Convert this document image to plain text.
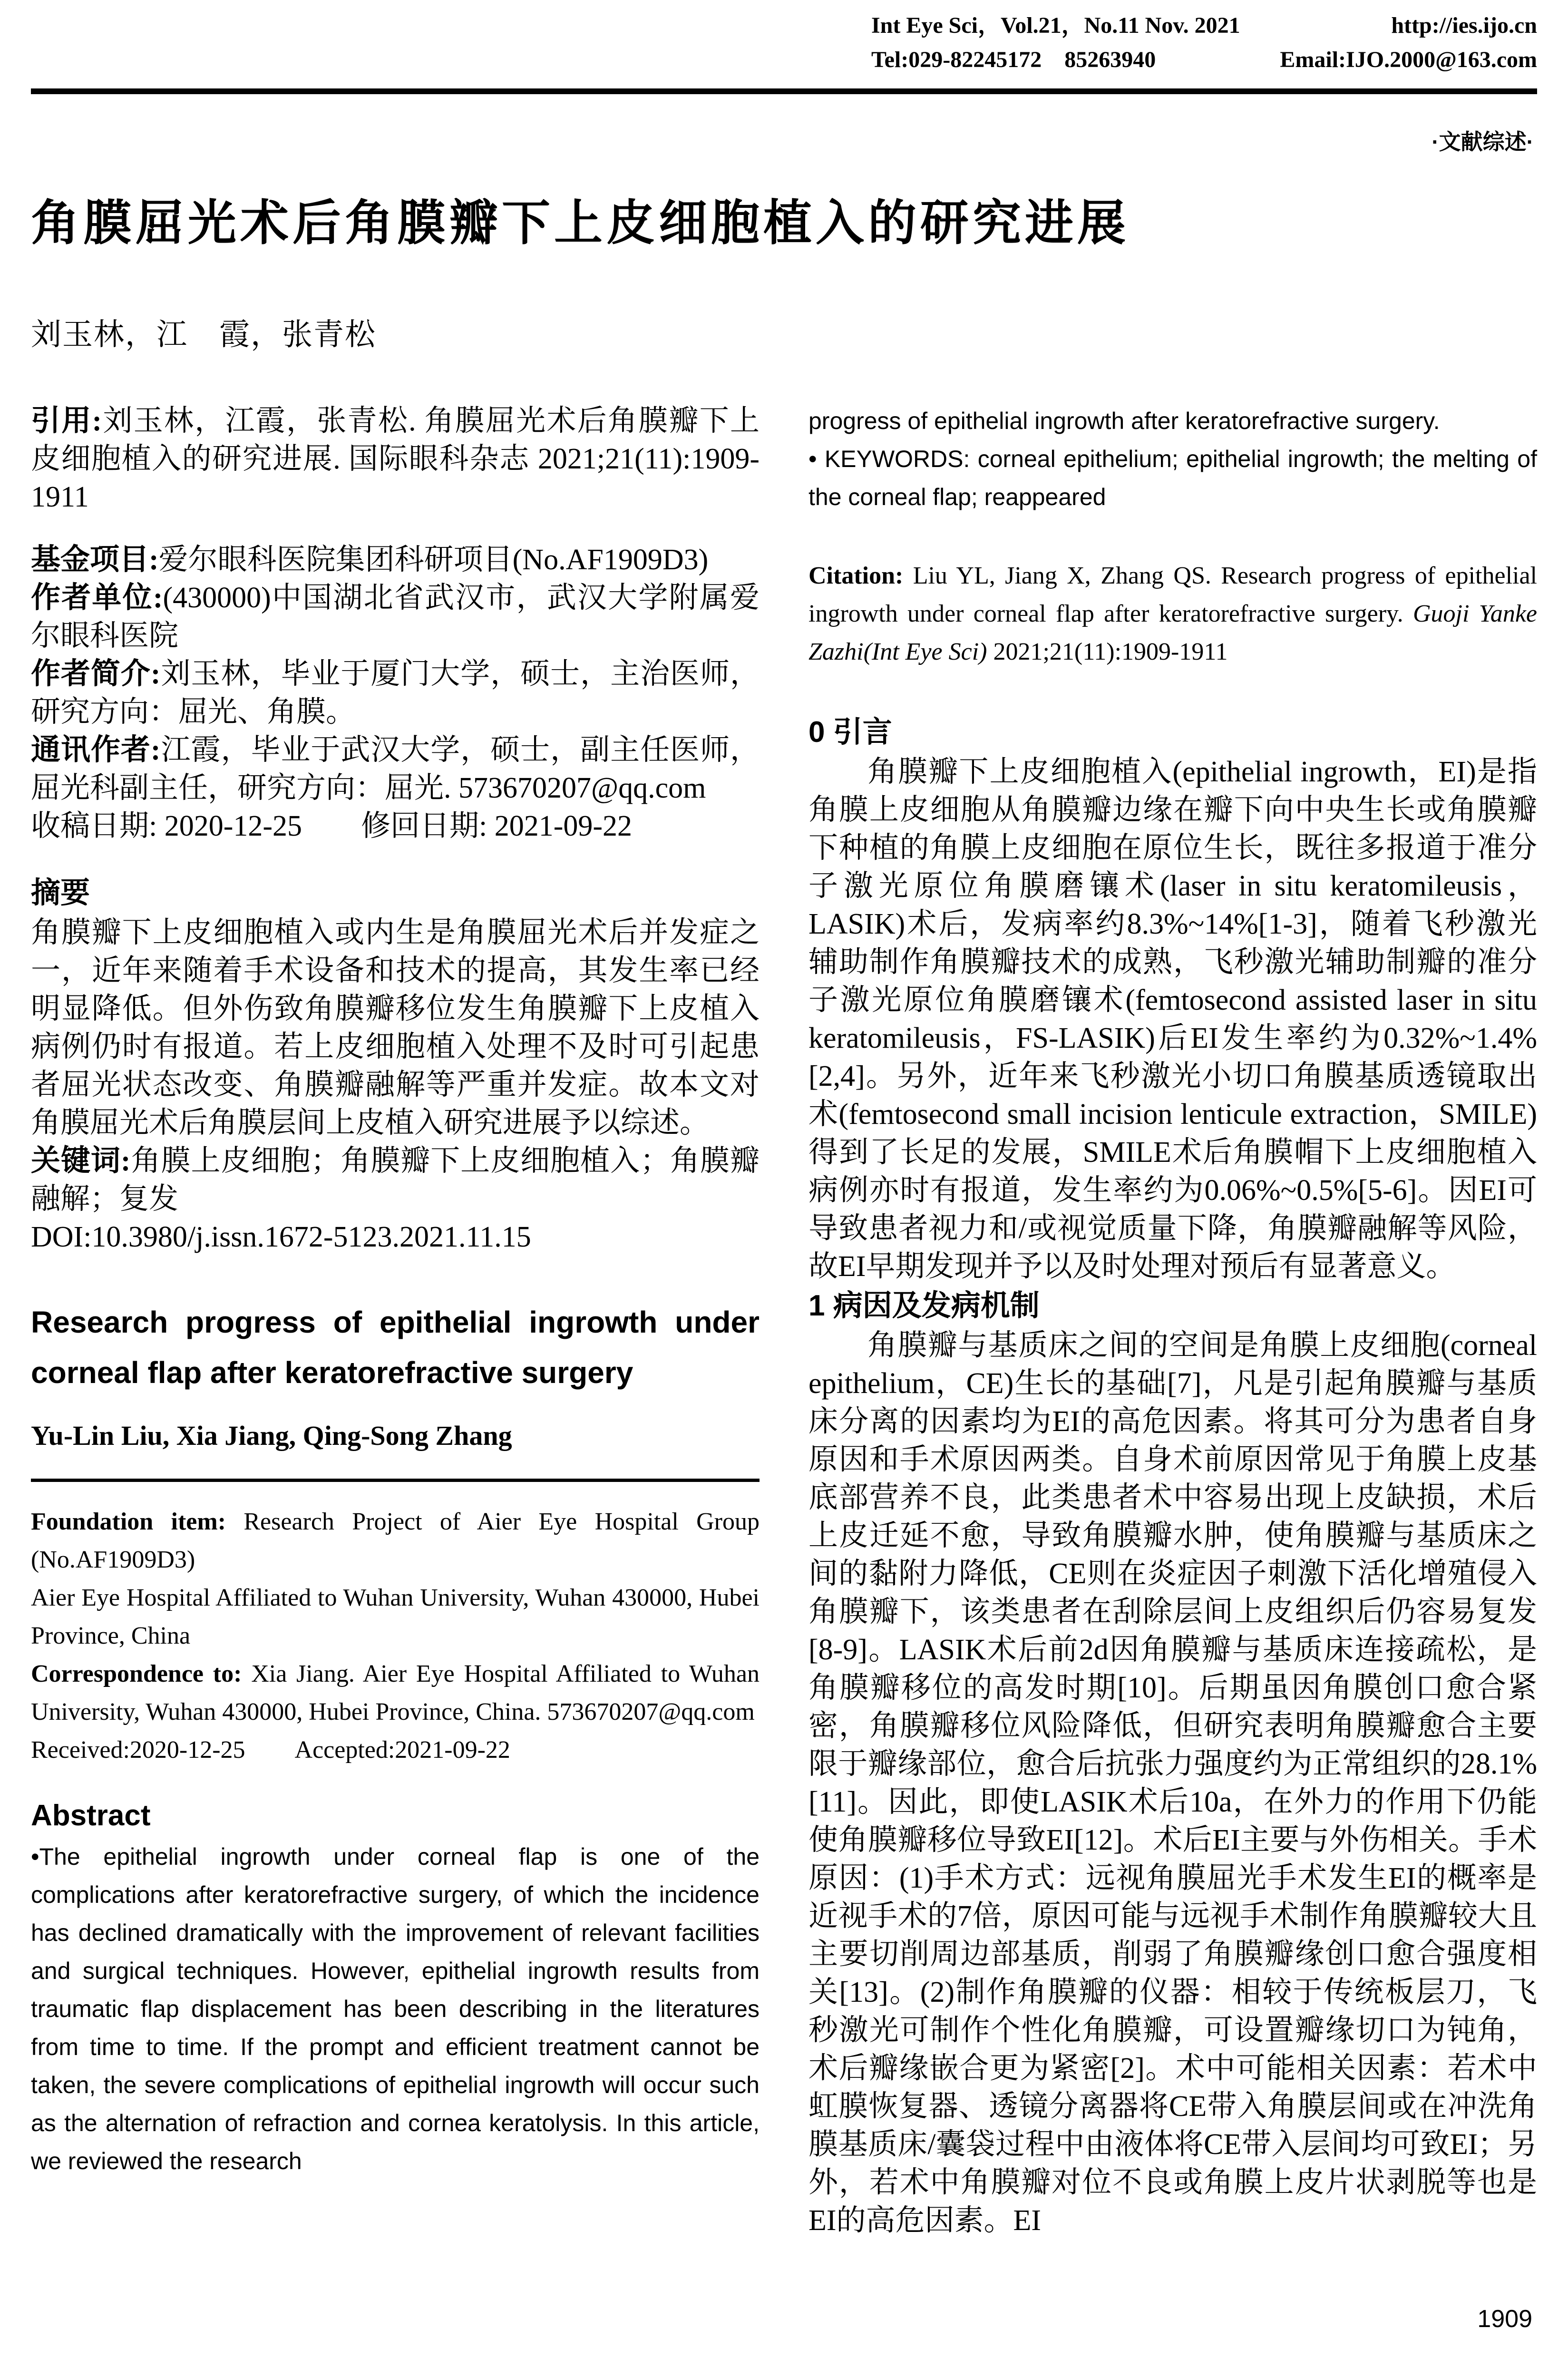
Int Eye Sci，Vol.21，No.11 Nov. 2021	http://ies.ijo.cn
Tel:029-82245172　85263940	Email:IJO.2000@163.com
·文献综述·
角膜屈光术后角膜瓣下上皮细胞植入的研究进展
刘玉林，江　霞，张青松

引用:刘玉林，江霞，张青松. 角膜屈光术后角膜瓣下上皮细胞植入的研究进展. 国际眼科杂志 2021;21(11):1909-1911

基金项目:爱尔眼科医院集团科研项目(No.AF1909D3)

作者单位:(430000)中国湖北省武汉市，武汉大学附属爱尔眼科医院

作者简介:刘玉林，毕业于厦门大学，硕士，主治医师，研究方向：屈光、角膜。

通讯作者:江霞，毕业于武汉大学，硕士，副主任医师，屈光科副主任，研究方向：屈光. 573670207@qq.com

收稿日期: 2020-12-25　　修回日期: 2021-09-22

摘要

角膜瓣下上皮细胞植入或内生是角膜屈光术后并发症之一，近年来随着手术设备和技术的提高，其发生率已经明显降低。但外伤致角膜瓣移位发生角膜瓣下上皮植入病例仍时有报道。若上皮细胞植入处理不及时可引起患者屈光状态改变、角膜瓣融解等严重并发症。故本文对角膜屈光术后角膜层间上皮植入研究进展予以综述。

关键词:角膜上皮细胞；角膜瓣下上皮细胞植入；角膜瓣融解；复发

DOI:10.3980/j.issn.1672-5123.2021.11.15

Research progress of epithelial ingrowth under corneal flap after keratorefractive surgery
Yu-Lin Liu, Xia Jiang, Qing-Song Zhang

Foundation item: Research Project of Aier Eye Hospital Group (No.AF1909D3)

Aier Eye Hospital Affiliated to Wuhan University, Wuhan 430000, Hubei Province, China

Correspondence to: Xia Jiang. Aier Eye Hospital Affiliated to Wuhan University, Wuhan 430000, Hubei Province, China. 573670207@qq.com

Received:2020-12-25　　Accepted:2021-09-22

Abstract

•The epithelial ingrowth under corneal flap is one of the complications after keratorefractive surgery, of which the incidence has declined dramatically with the improvement of relevant facilities and surgical techniques. However, epithelial ingrowth results from traumatic flap displacement has been describing in the literatures from time to time. If the prompt and efficient treatment cannot be taken, the severe complications of epithelial ingrowth will occur such as the alternation of refraction and cornea keratolysis. In this article, we reviewed the research

progress of epithelial ingrowth after keratorefractive surgery.

• KEYWORDS: corneal epithelium; epithelial ingrowth; the melting of the corneal flap; reappeared

Citation: Liu YL, Jiang X, Zhang QS. Research progress of epithelial ingrowth under corneal flap after keratorefractive surgery. Guoji Yanke Zazhi(Int Eye Sci) 2021;21(11):1909-1911

0 引言

角膜瓣下上皮细胞植入(epithelial ingrowth，EI)是指角膜上皮细胞从角膜瓣边缘在瓣下向中央生长或角膜瓣下种植的角膜上皮细胞在原位生长，既往多报道于准分子激光原位角膜磨镶术(laser in situ keratomileusis，LASIK)术后，发病率约8.3%~14%[1-3]，随着飞秒激光辅助制作角膜瓣技术的成熟，飞秒激光辅助制瓣的准分子激光原位角膜磨镶术(femtosecond assisted laser in situ keratomileusis，FS-LASIK)后EI发生率约为0.32%~1.4%[2,4]。另外，近年来飞秒激光小切口角膜基质透镜取出术(femtosecond small incision lenticule extraction，SMILE)得到了长足的发展，SMILE术后角膜帽下上皮细胞植入病例亦时有报道，发生率约为0.06%~0.5%[5-6]。因EI可导致患者视力和/或视觉质量下降，角膜瓣融解等风险，故EI早期发现并予以及时处理对预后有显著意义。

1 病因及发病机制

角膜瓣与基质床之间的空间是角膜上皮细胞(corneal epithelium，CE)生长的基础[7]，凡是引起角膜瓣与基质床分离的因素均为EI的高危因素。将其可分为患者自身原因和手术原因两类。自身术前原因常见于角膜上皮基底部营养不良，此类患者术中容易出现上皮缺损，术后上皮迁延不愈，导致角膜瓣水肿，使角膜瓣与基质床之间的黏附力降低，CE则在炎症因子刺激下活化增殖侵入角膜瓣下，该类患者在刮除层间上皮组织后仍容易复发[8-9]。LASIK术后前2d因角膜瓣与基质床连接疏松，是角膜瓣移位的高发时期[10]。后期虽因角膜创口愈合紧密，角膜瓣移位风险降低，但研究表明角膜瓣愈合主要限于瓣缘部位，愈合后抗张力强度约为正常组织的28.1%[11]。因此，即使LASIK术后10a，在外力的作用下仍能使角膜瓣移位导致EI[12]。术后EI主要与外伤相关。手术原因：(1)手术方式：远视角膜屈光手术发生EI的概率是近视手术的7倍，原因可能与远视手术制作角膜瓣较大且主要切削周边部基质，削弱了角膜瓣缘创口愈合强度相关[13]。(2)制作角膜瓣的仪器：相较于传统板层刀，飞秒激光可制作个性化角膜瓣，可设置瓣缘切口为钝角，术后瓣缘嵌合更为紧密[2]。术中可能相关因素：若术中虹膜恢复器、透镜分离器将CE带入角膜层间或在冲洗角膜基质床/囊袋过程中由液体将CE带入层间均可致EI；另外，若术中角膜瓣对位不良或角膜上皮片状剥脱等也是EI的高危因素。EI

1909
